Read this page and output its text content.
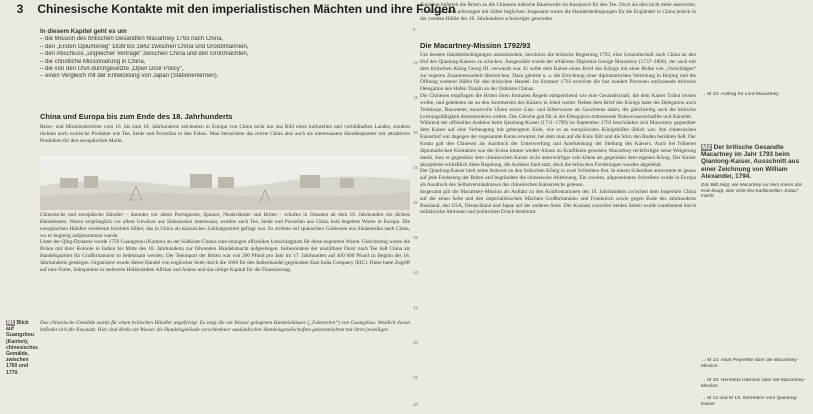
3 Chinesische Kontakte mit den imperialistischen Mächten und ihre Folgen
In diesem Kapitel geht es um
– die Mission des britischen Gesandten Macartney 1793 nach China,
– den „Ersten Opiumkrieg“ 1839 bis 1842 zwischen China und Großbritannien,
– den Abschluss „ungleicher Verträge“ zwischen China und den Großmächten,
– die christliche Missionierung in China,
– die von den USA durchgesetzte „Open Door Policy“,
– einen Vergleich mit der Entwicklung von Japan (Stationenlernen).
China und Europa bis zum Ende des 18. Jahrhunderts

Reise- und Missionsberichte vom 16. bis zum 18. Jahrhunderts zeichneten in Europa von China nicht nur das Bild eines kulturellen und vorbildhaften Landes, sondern rückten auch exotische Produkte wie Tee, Seide und Porzellan in den Fokus. Man betrachtete das reiche China also auch als interessanten Handelspartner mit attraktiven Produkten für den europäischen Markt.

Chinesische und europäische Händler – darunter vor allem Portugiesen, Spanier, Niederländer und Briten – schufen in Ostasien ab dem 16. Jahrhundert ein dichtes Handelsnetz. Waren ursprünglich vor allem Gewürze aus Südostasien interessant, wurden auch Tee, Seide und Porzellan aus China bald begehrte Waren in Europa. Die europäischen Händler wiederum brachten Silber, das in China als klassisches Zahlungsmittel gefragt war. Es strömte auf spanischen Galleonen aus Südamerika nach China, wo es begierig aufgenommen wurde.

Unter der Qing-Dynastie wurde 1759 Guangzhou (Kanton) an der Südküste Chinas zum einzigen offiziellen Umschlagplatz für diese begehrten Waren. Gleichzeitig waren die Briten mit ihrer Kolonie in Indien bis Mitte des 18. Jahrhunderts zur führenden Handelsmacht aufgestiegen. Insbesondere der unstillbare Durst nach Tee ließ China als Handelspartner für Großbritannien so bedeutsam werden: Der Teeimport der Briten war von 200 Pfund pro Jahr im 17. Jahrhundert auf 400 000 Pfund zu Beginn des 18. Jahrhunderts gestiegen. Organisiert wurde dieser Handel von englischer Seite durch die 1600 für den Indienhandel gegründete East India Company (EIC). Diese hatte Zugriff auf eine Flotte, Stützpunkte in mehreren Hafenstädten Afrikas und Asiens und das nötige Kapital für die Finanzierung.

M1 Blick auf Guangzhou (Kanton), chinesisches Gemälde, zwischen 1760 und 1770.

Das chinesische Gemälde wurde für einen britischen Händler angefertigt. Es zeigt die am Wasser gelegenen Handelshäuser („Faktoreien“) von Guangzhou. Westlich davon befindet sich die Neustadt. Hier sind direkt am Wasser die Handelsgebäude verschiedener ausländischer Handelsgesellschaften gekennzeichnet mit ihren jeweiligen

Zunächst lieferten die Briten an die Chinesen indische Baumwolle im Austausch für den Tee. Doch als dies nicht mehr ausreichte, wurden die Tee-Lieferungen mit Silber beglichen. Insgesamt waren die Handelsbedingungen für die Engländer in China jedoch in der zweiten Hälfte des 18. Jahrhunderts schwieriger geworden.

Die Macartney-Mission 1792/93

Um bessere Handelsbedingungen auszuhandeln, beschloss die britische Regierung 1792, eine Gesandtschaft nach China an den Hof des Qianlong-Kaisers zu schicken. Ausgewählt wurde der erfahrene Diplomat George Macartney (1737–1806), der auch mit dem britischen König Georg III. verwandt war. Er sollte dem Kaiser einen Brief des Königs mit einer Reihe von „Vorschlägen“ zur engeren Zusammenarbeit überreichen. Dazu gehörte u. a. die Errichtung einer diplomatischen Vertretung in Beijing und die Öffnung weiterer Häfen für den britischen Handel. Im Sommer 1793 erreichte die fast hundert Personen umfassende britische Delegation den Hafen Tianjin an der Ostküste Chinas.

Die Chinesen empfingen die Briten ihren formalen Regeln entsprechend wie eine Gesandtschaft, die dem Kaiser Tribut leisten wollte, und geleiteten sie an den Sommersitz des Kaisers in Jehol weiter. Neben dem Brief des Königs hatte die Delegation auch Teleskope, Barometer, kunstvolle Uhren sowie Glas- und Silberwaren als Geschenke dabei, die gleichzeitig auch die britische Leistungsfähigkeit demonstrieren sollten. Das Gleiche galt für in der Delegation mitreisende Naturwissenschaftler und Künstler.

Während der offiziellen Audienz beim Qianlong-Kaiser (1711–1799) im September 1793 beschränkte sich Macartney gegenüber dem Kaiser auf eine Verbeugung mit gebeugtem Knie, wie es an europäischen Königshöfen üblich war. Am chinesischen Kaiserhof war dagegen der sogenannte Kotau erwartet, bei dem man auf die Knie fällt und die Stirn den Boden berühren ließ. Der Kotau galt den Chinesen als Ausdruck der Unterwerfung und Anerkennung der Stellung des Kaisers. Auch bei früheren diplomatischen Kontakten war der Kotau immer wieder Anlass zu Konflikten gewesen; Macartney rechtfertigte seine Weigerung damit, dass er gegenüber dem chinesischen Kaiser nicht unterwürfiger sein könne als gegenüber dem eigenen König. Der Kaiser akzeptierte schließlich diese Regelung, die Audienz fand statt, doch die britischen Forderungen wurden abgelehnt.

Der Qianlong-Kaiser hielt seine Antwort an den britischen König in zwei Schreiben fest. In einem Schreiben antwortete er genau auf jede Forderung der Briten und begründete die chinesische Ablehnung. Ein zweites, allgemeineres Schreiben wurde in Europa als Ausdruck des Selbstverständnisses des chinesischen Kaiserreichs gelesen.

Insgesamt gilt die Macartney-Mission als Auftakt zu den Konfrontationen des 19. Jahrhunderts zwischen dem Imperium China auf der einen Seite und den imperialistischen Mächten Großbritannien und Frankreich sowie gegen Ende des Jahrhunderts Russland, den USA, Deutschland und Japan auf der anderen Seite. Der Kontakt zwischen beiden Seiten wurde zunehmend durch militärische Aktionen und politischen Druck bestimmt.

→ M 10: Auftrag für Lord Macartney
M2 Der britische Gesandte Macartney im Jahr 1793 beim Qianlong-Kaiser, Ausschnitt aus einer Zeichnung von William Alexander, 1794.
Das Bild zeigt, wie Macartney vor dem Kaiser das Knie beugt, aber nicht den traditionellen „Kotau“ macht.
→ M 14: Alain Peyrefitte über die Macartney-Mission
→ M 15: Henrietta Harrison über die Macartney-Mission
→ M 12 und M 13: Schreiben vom Qianlong-Kaiser
5
10
15
20
25
30
35
40
45
50
55
60
